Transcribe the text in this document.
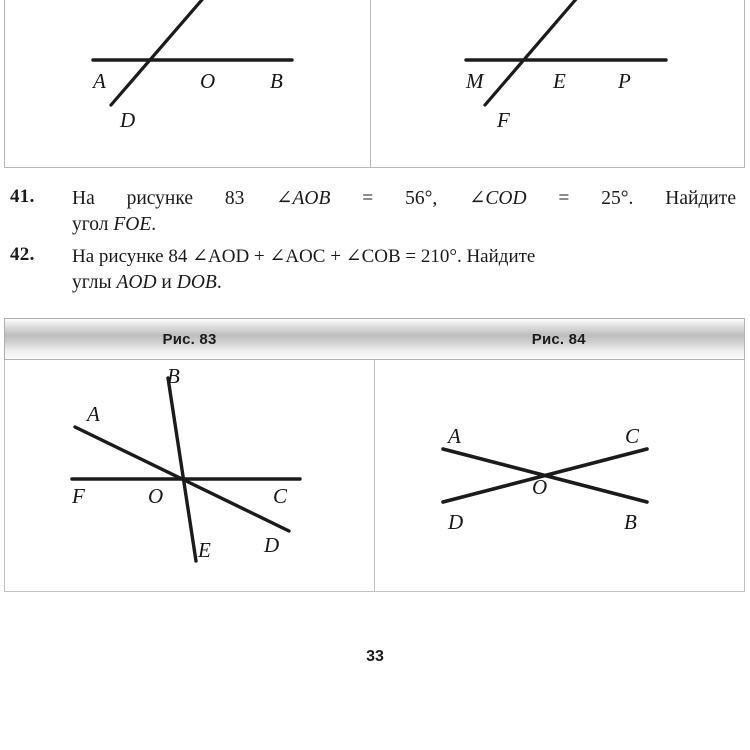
A	O	B
D
M	E P
F
41.	На рисунке 83 ∠AOB = 56°, ∠COD = 25°. Найдите
угол FOE.
42.	На рисунке 84 ∠AOD + ∠AOC + ∠COB = 210°. Найдите
углы AOD и DOB.
Рис. 83	Рис. 84
B
A
F	O	C
D
E
A	C
O
D	B
33
